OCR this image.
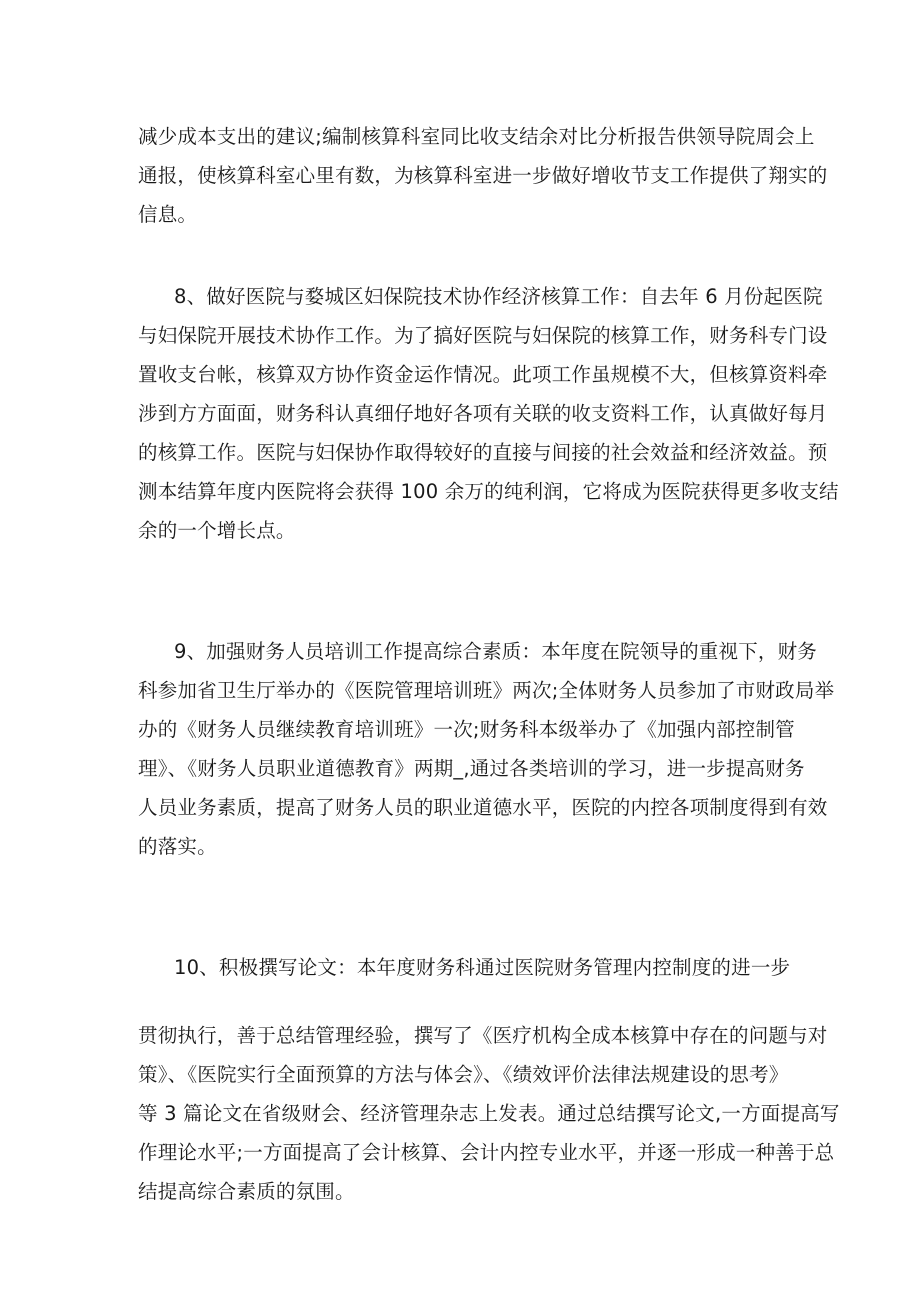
减少成本支出的建议;编制核算科室同比收支结余对比分析报告供领导院周会上
通报，使核算科室心里有数，为核算科室进一步做好增收节支工作提供了翔实的
信息。
8、做好医院与婺城区妇保院技术协作经济核算工作：自去年 6 月份起医院
与妇保院开展技术协作工作。为了搞好医院与妇保院的核算工作，财务科专门设
置收支台帐，核算双方协作资金运作情况。此项工作虽规模不大，但核算资料牵
涉到方方面面，财务科认真细仔地好各项有关联的收支资料工作，认真做好每月
的核算工作。医院与妇保协作取得较好的直接与间接的社会效益和经济效益。预
测本结算年度内医院将会获得 100 余万的纯利润，它将成为医院获得更多收支结
余的一个增长点。
9、加强财务人员培训工作提高综合素质：本年度在院领导的重视下，财务
科参加省卫生厅举办的《医院管理培训班》两次;全体财务人员参加了市财政局举
办的《财务人员继续教育培训班》一次;财务科本级举办了《加强内部控制管
理》、《财务人员职业道德教育》两期_,通过各类培训的学习，进一步提高财务
人员业务素质，提高了财务人员的职业道德水平，医院的内控各项制度得到有效
的落实。
10、积极撰写论文：本年度财务科通过医院财务管理内控制度的进一步
贯彻执行，善于总结管理经验，撰写了《医疗机构全成本核算中存在的问题与对
策》、《医院实行全面预算的方法与体会》、《绩效评价法律法规建设的思考》
等 3 篇论文在省级财会、经济管理杂志上发表。通过总结撰写论文,一方面提高写
作理论水平;一方面提高了会计核算、会计内控专业水平，并逐一形成一种善于总
结提高综合素质的氛围。
